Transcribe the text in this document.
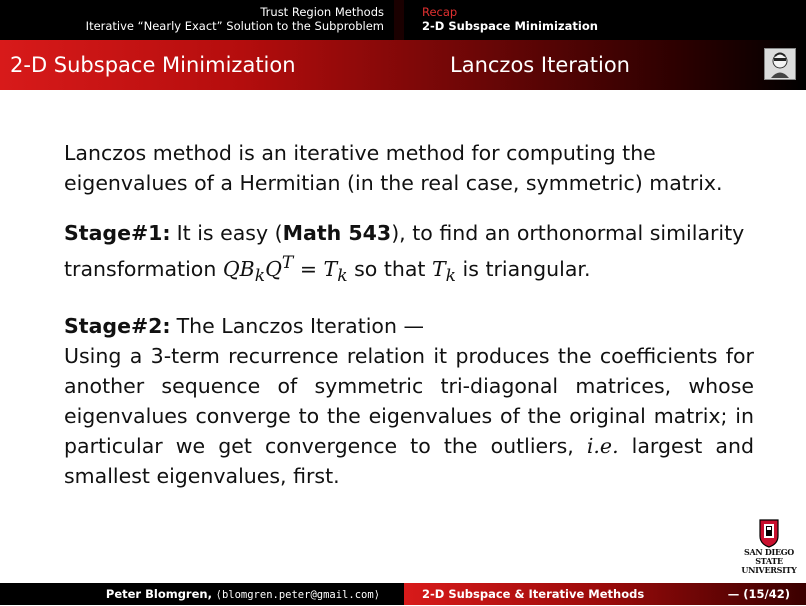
Trust Region Methods
Iterative “Nearly Exact” Solution to the Subproblem
Recap
2-D Subspace Minimization
2-D Subspace Minimization	Lanczos Iteration

Lanczos method is an iterative method for computing the eigenvalues of a Hermitian (in the real case, symmetric) matrix.

Stage#1: It is easy (Math 543), to find an orthonormal similarity transformation $QB_kQ^T = T_k$ so that $T_k$ is triangular.

Stage#2: The Lanczos Iteration —

Using a 3-term recurrence relation it produces the coefficients for another sequence of symmetric tri-diagonal matrices, whose eigenvalues converge to the eigenvalues of the original matrix; in particular we get convergence to the outliers, i.e. largest and smallest eigenvalues, first.

SAN DIEGO STATE
UNIVERSITY
Peter Blomgren, ⟨blomgren.peter@gmail.com⟩	2-D Subspace & Iterative Methods	— (15/42)
